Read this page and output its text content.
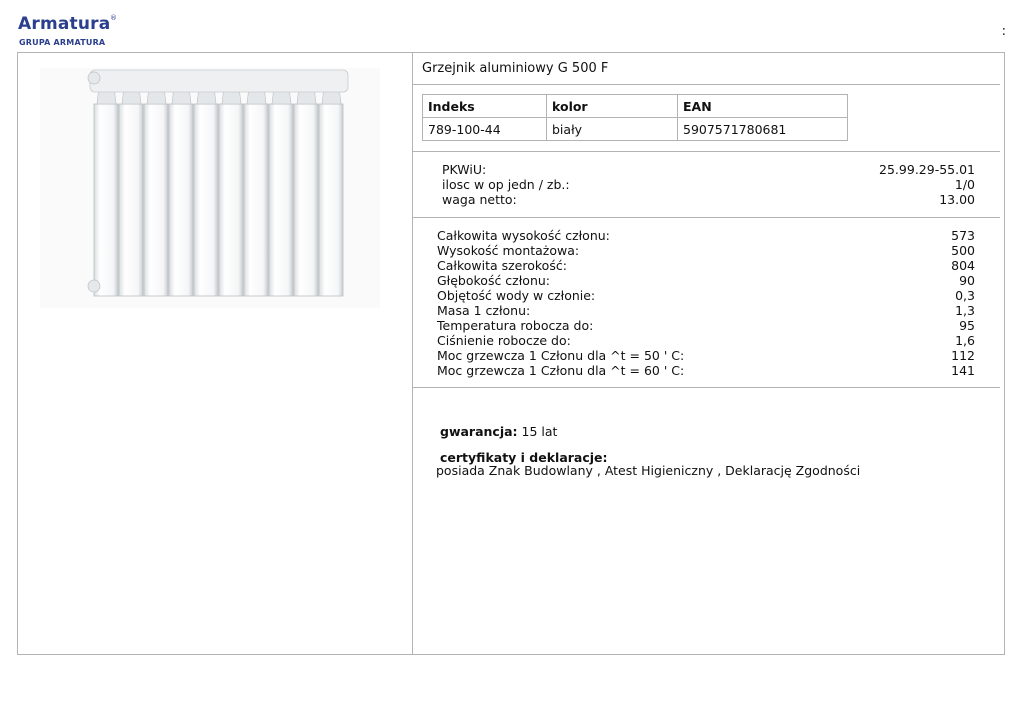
Armatura ®
GRUPA ARMATURA
:
Grzejnik aluminiowy G 500 F
Indeks	kolor	EAN
789-100-44	biały	5907571780681
PKWiU:	25.99.29-55.01
ilosc w op jedn / zb.:	1/0
waga netto:	13.00
Całkowita wysokość członu:	573
Wysokość montażowa:	500
Całkowita szerokość:	804
Głębokość członu:	90
Objętość wody w członie:	0,3
Masa 1 członu:	1,3
Temperatura robocza do:	95
Ciśnienie robocze do:	1,6
Moc grzewcza 1 Członu dla ^t = 50 ' C:	112
Moc grzewcza 1 Członu dla ^t = 60 ' C:	141
gwarancja: 15 lat
certyfikaty i deklaracje:
posiada Znak Budowlany , Atest Higieniczny , Deklarację Zgodności
